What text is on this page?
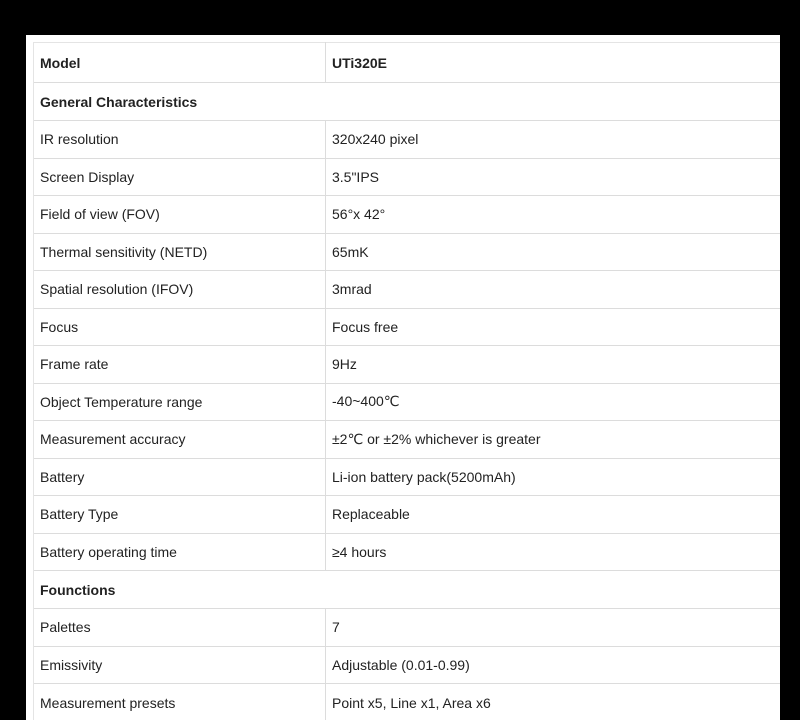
Model	UTi320E
General Characteristics	
IR resolution	320x240 pixel
Screen Display	3.5"IPS
Field of view (FOV)	56°x 42°
Thermal sensitivity (NETD)	65mK
Spatial resolution (IFOV)	3mrad
Focus	Focus free
Frame rate	9Hz
Object Temperature range	-40~400℃
Measurement accuracy	±2℃ or ±2% whichever is greater
Battery	Li-ion battery pack(5200mAh)
Battery Type	Replaceable
Battery operating time	≥4 hours
Founctions	
Palettes	7
Emissivity	Adjustable (0.01-0.99)
Measurement presets	Point x5, Line x1, Area x6
